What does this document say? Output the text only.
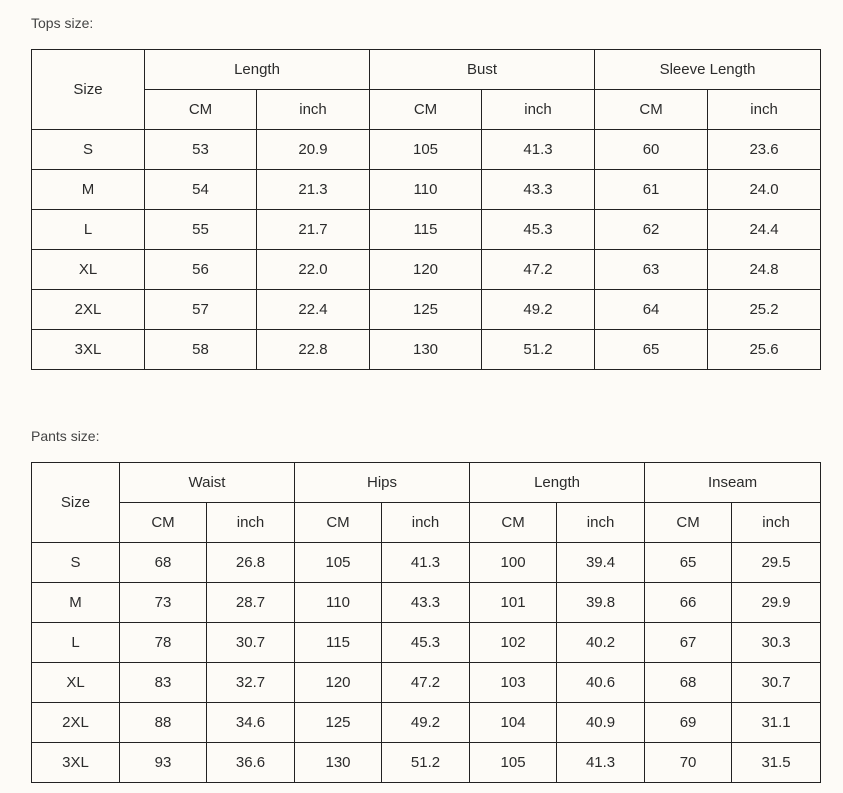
Tops size:
Size	Length		Bust		Sleeve Length	
	CM	inch	CM	inch	CM	inch
S	53	20.9	105	41.3	60	23.6
M	54	21.3	110	43.3	61	24.0
L	55	21.7	115	45.3	62	24.4
XL	56	22.0	120	47.2	63	24.8
2XL	57	22.4	125	49.2	64	25.2
3XL	58	22.8	130	51.2	65	25.6
Pants size:
Size	Waist		Hips		Length		Inseam	
	CM	inch	CM	inch	CM	inch	CM	inch
S	68	26.8	105	41.3	100	39.4	65	29.5
M	73	28.7	110	43.3	101	39.8	66	29.9
L	78	30.7	115	45.3	102	40.2	67	30.3
XL	83	32.7	120	47.2	103	40.6	68	30.7
2XL	88	34.6	125	49.2	104	40.9	69	31.1
3XL	93	36.6	130	51.2	105	41.3	70	31.5
